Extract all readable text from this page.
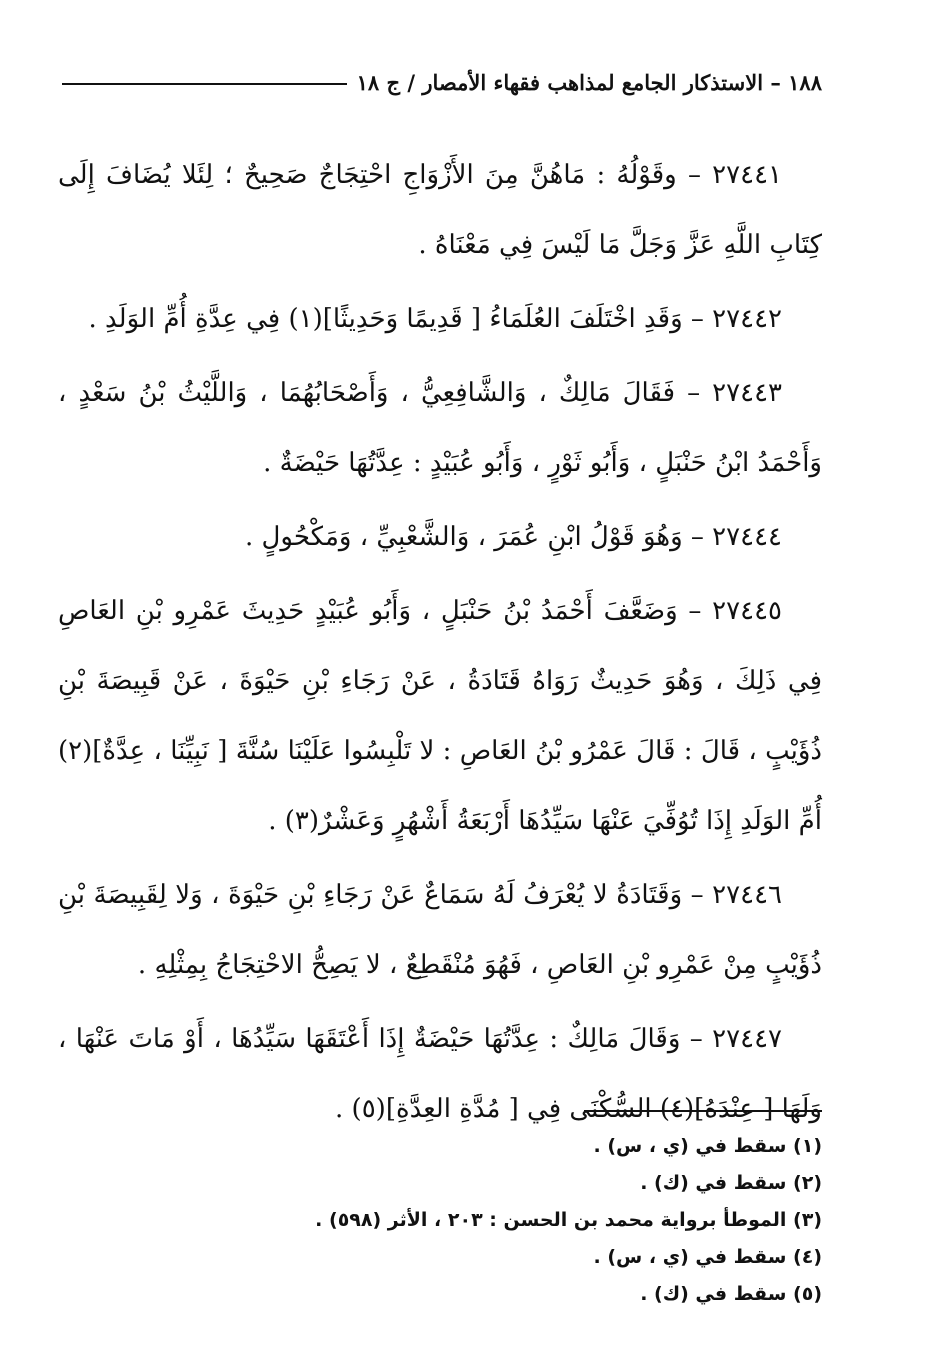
١٨٨ – الاستذكار الجامع لمذاهب فقهاء الأمصار / ج ١٨

٢٧٤٤١ – وقَوْلُهُ : مَاهُنَّ مِنَ الأَزْوَاجِ احْتِجَاجٌ صَحِيحٌ ؛ لِئَلا يُضَافَ إِلَى كِتَابِ اللَّهِ عَزَّ وَجَلَّ مَا لَيْسَ فِي مَعْنَاهُ .

٢٧٤٤٢ – وَقَدِ اخْتَلَفَ العُلَمَاءُ [ قَدِيمًا وَحَدِيثًا](١) فِي عِدَّةِ أُمِّ الوَلَدِ .

٢٧٤٤٣ – فَقَالَ مَالِكٌ ، وَالشَّافِعِيُّ ، وَأَصْحَابُهُمَا ، وَاللَّيْثُ بْنُ سَعْدٍ ، وَأَحْمَدُ ابْنُ حَنْبَلٍ ، وَأَبُو ثَوْرٍ ، وَأَبُو عُبَيْدٍ : عِدَّتُهَا حَيْضَةٌ .

٢٧٤٤٤ – وَهُوَ قَوْلُ ابْنِ عُمَرَ ، وَالشَّعْبِيِّ ، وَمَكْحُولٍ .

٢٧٤٤٥ – وَضَعَّفَ أَحْمَدُ بْنُ حَنْبَلٍ ، وَأَبُو عُبَيْدٍ حَدِيثَ عَمْرِو بْنِ العَاصِ فِي ذَلِكَ ، وَهُوَ حَدِيثٌ رَوَاهُ قَتَادَةُ ، عَنْ رَجَاءِ بْنِ حَيْوَةَ ، عَنْ قَبِيصَةَ بْنِ ذُؤَيْبٍ ، قَالَ : قَالَ عَمْرُو بْنُ العَاصِ : لا تَلْبِسُوا عَلَيْنَا سُنَّةَ [ نَبِيِّنَا ، عِدَّةٌ](٢) أُمِّ الوَلَدِ إِذَا تُوُفِّيَ عَنْهَا سَيِّدُهَا أَرْبَعَةُ أَشْهُرٍ وَعَشْرٌ(٣) .

٢٧٤٤٦ – وَقَتَادَةُ لا يُعْرَفُ لَهُ سَمَاعٌ عَنْ رَجَاءِ بْنِ حَيْوَةَ ، وَلا لِقَبِيصَةَ بْنِ ذُؤَيْبٍ مِنْ عَمْرِو بْنِ العَاصِ ، فَهُوَ مُنْقَطِعٌ ، لا يَصِحُّ الاحْتِجَاجُ بِمِثْلِهِ .

٢٧٤٤٧ – وَقَالَ مَالِكٌ : عِدَّتُهَا حَيْضَةٌ إِذَا أَعْتَقَهَا سَيِّدُهَا ، أَوْ مَاتَ عَنْهَا ، وَلَهَا [ عِنْدَهُ](٤) السُّكْنَى فِي [ مُدَّةِ العِدَّةِ](٥) .

(١) سقط في (ي ، س) .
(٢) سقط في (ك) .
(٣) الموطأ برواية محمد بن الحسن : ٢٠٣ ، الأثر (٥٩٨) .
(٤) سقط في (ي ، س) .
(٥) سقط في (ك) .
